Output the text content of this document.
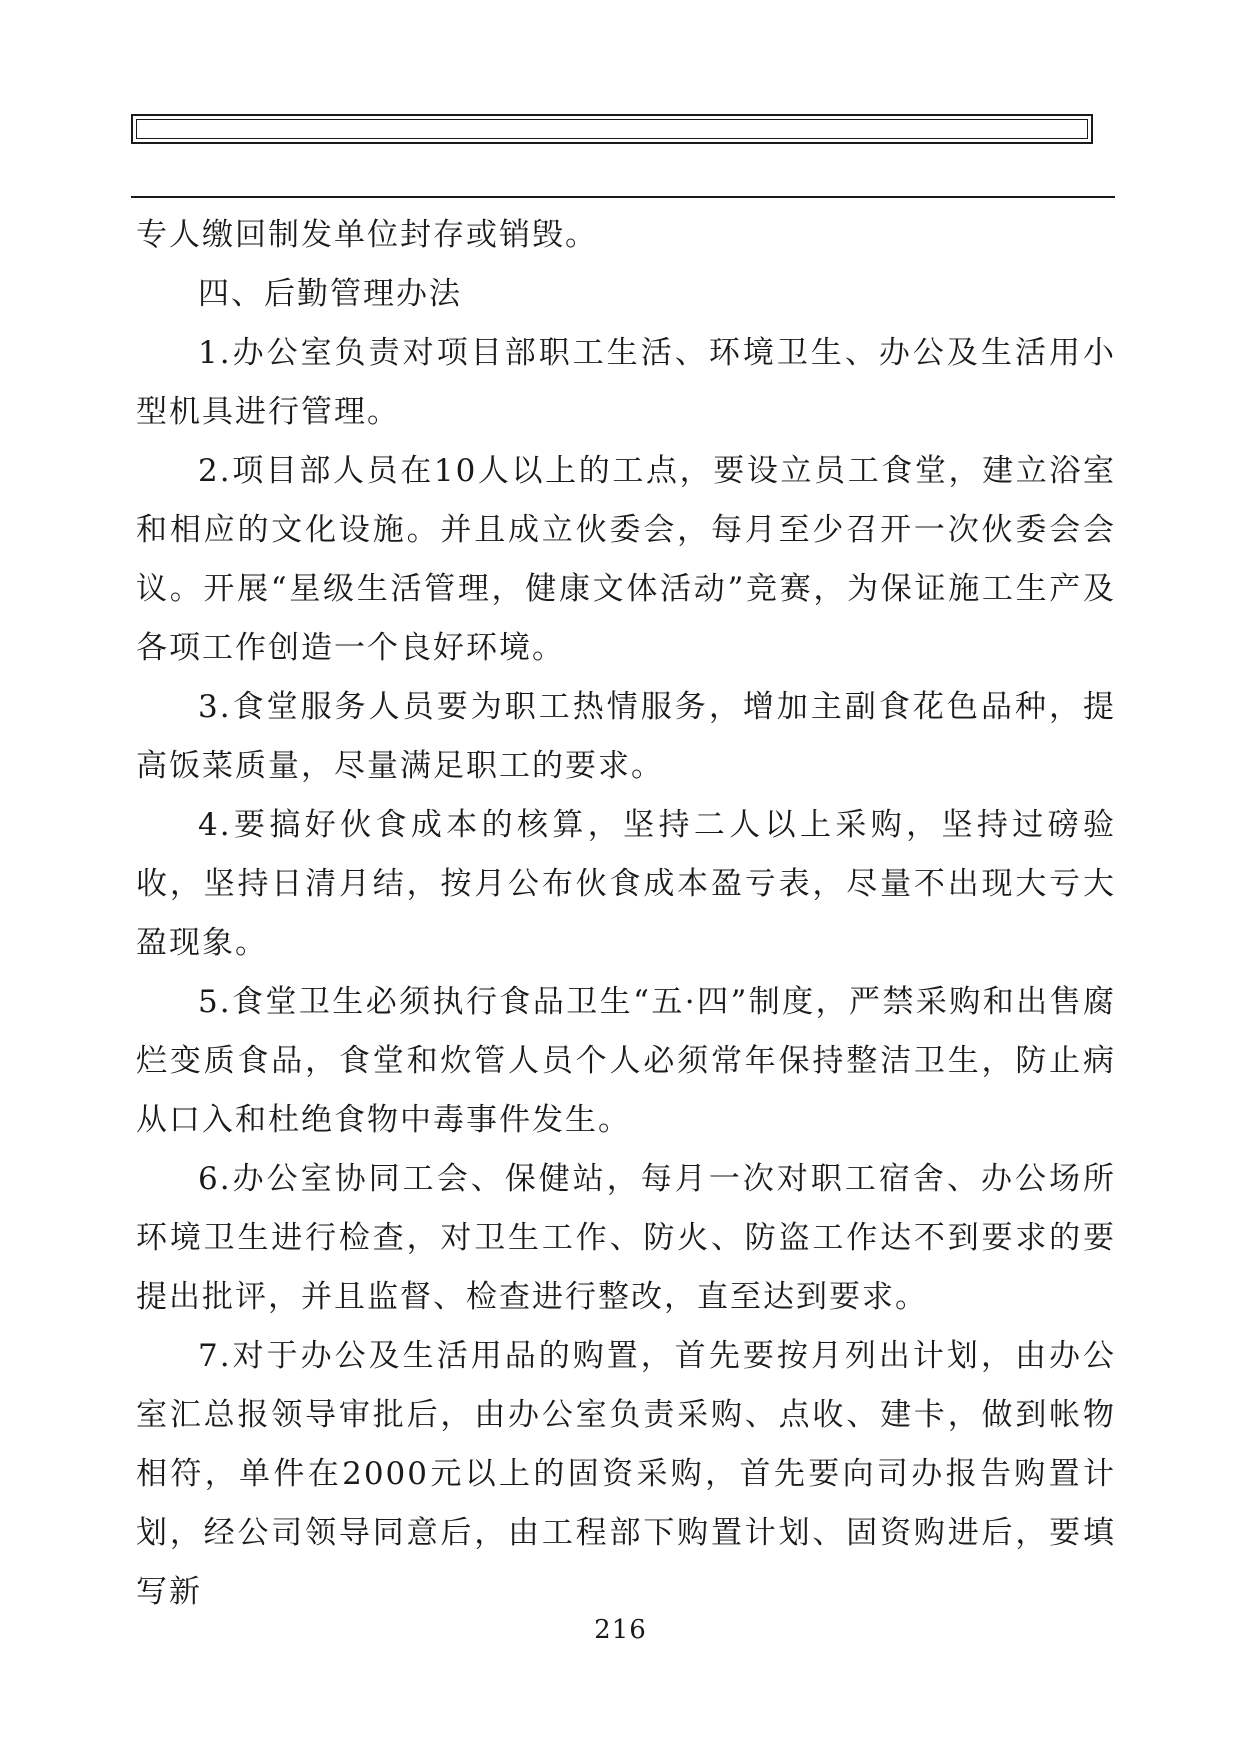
专人缴回制发单位封存或销毁。

四、后勤管理办法

1.办公室负责对项目部职工生活、环境卫生、办公及生活用小型机具进行管理。

2.项目部人员在10人以上的工点，要设立员工食堂，建立浴室和相应的文化设施。并且成立伙委会，每月至少召开一次伙委会会议。开展“星级生活管理，健康文体活动”竞赛，为保证施工生产及各项工作创造一个良好环境。

3.食堂服务人员要为职工热情服务，增加主副食花色品种，提高饭菜质量，尽量满足职工的要求。

4.要搞好伙食成本的核算，坚持二人以上采购，坚持过磅验收，坚持日清月结，按月公布伙食成本盈亏表，尽量不出现大亏大盈现象。

5.食堂卫生必须执行食品卫生“五·四”制度，严禁采购和出售腐烂变质食品，食堂和炊管人员个人必须常年保持整洁卫生，防止病从口入和杜绝食物中毒事件发生。

6.办公室协同工会、保健站，每月一次对职工宿舍、办公场所环境卫生进行检查，对卫生工作、防火、防盗工作达不到要求的要提出批评，并且监督、检查进行整改，直至达到要求。

7.对于办公及生活用品的购置，首先要按月列出计划，由办公室汇总报领导审批后，由办公室负责采购、点收、建卡，做到帐物相符，单件在2000元以上的固资采购，首先要向司办报告购置计划，经公司领导同意后，由工程部下购置计划、固资购进后，要填写新

216
